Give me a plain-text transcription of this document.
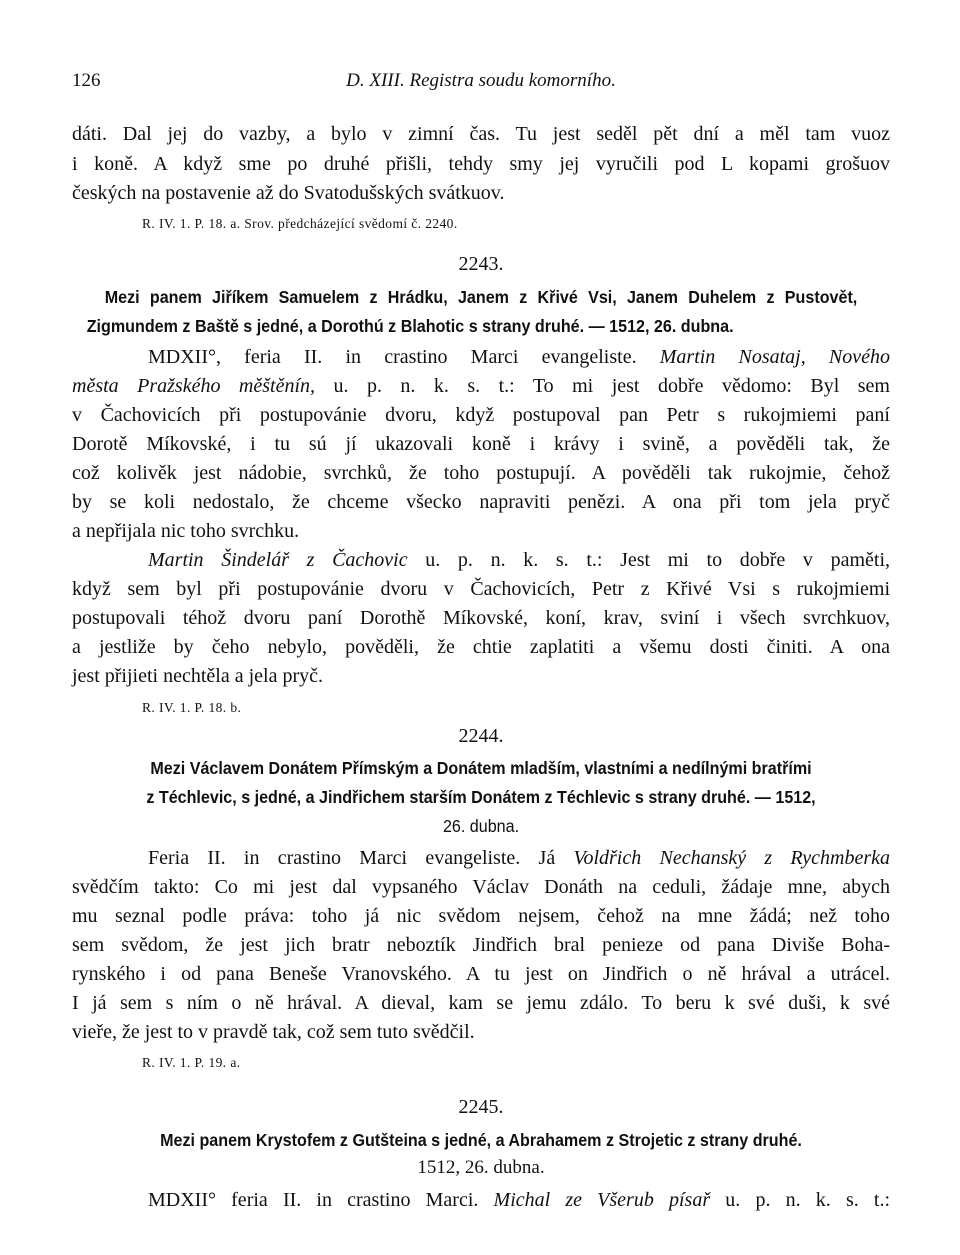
126	D. XIII. Registra soudu komorního.
dáti. Dal jej do vazby, a bylo v zimní čas. Tu jest seděl pět dní a měl tam vuoz
i koně. A když sme po druhé přišli, tehdy smy jej vyručili pod L kopami grošuov
českých na postavenie až do Svatodušských svátkuov.
R. IV. 1. P. 18. a. Srov. předcházející svědomí č. 2240.
2243.
Mezi panem Jiříkem Samuelem z Hrádku, Janem z Křivé Vsi, Janem Duhelem z Pustovět,
Zigmundem z Baště s jedné, a Dorothú z Blahotic s strany druhé. — 1512, 26. dubna.
MDXII°, feria II. in crastino Marci evangeliste. Martin Nosataj, Nového
města Pražského měštěnín, u. p. n. k. s. t.: To mi jest dobře vědomo: Byl sem
v Čachovicích při postupovánie dvoru, když postupoval pan Petr s rukojmiemi paní
Dorotě Míkovské, i tu sú jí ukazovali koně i krávy i svině, a pověděli tak, že
což kolivěk jest nádobie, svrchků, že toho postupují. A pověděli tak rukojmie, čehož
by se koli nedostalo, že chceme všecko napraviti penězi. A ona při tom jela pryč
a nepřijala nic toho svrchku.
Martin Šindelář z Čachovic u. p. n. k. s. t.: Jest mi to dobře v paměti,
když sem byl při postupovánie dvoru v Čachovicích, Petr z Křivé Vsi s rukojmiemi
postupovali téhož dvoru paní Dorothě Míkovské, koní, krav, sviní i všech svrchkuov,
a jestliže by čeho nebylo, pověděli, že chtie zaplatiti a všemu dosti činiti. A ona
jest přijieti nechtěla a jela pryč.
R. IV. 1. P. 18. b.
2244.
Mezi Václavem Donátem Přímským a Donátem mladším, vlastními a nedílnými bratřími
z Téchlevic, s jedné, a Jindřichem starším Donátem z Téchlevic s strany druhé. — 1512,
26. dubna.
Feria II. in crastino Marci evangeliste. Já Voldřich Nechanský z Rychmberka
svědčím takto: Co mi jest dal vypsaného Václav Donáth na ceduli, žádaje mne, abych
mu seznal podle práva: toho já nic svědom nejsem, čehož na mne žádá; než toho
sem svědom, že jest jich bratr neboztík Jindřich bral penieze od pana Diviše Boha-
rynského i od pana Beneše Vranovského. A tu jest on Jindřich o ně hrával a utrácel.
I já sem s ním o ně hrával. A dieval, kam se jemu zdálo. To beru k své duši, k své
vieře, že jest to v pravdě tak, což sem tuto svědčil.
R. IV. 1. P. 19. a.
2245.
Mezi panem Krystofem z Gutšteina s jedné, a Abrahamem z Strojetic z strany druhé.
1512, 26. dubna.
MDXII° feria II. in crastino Marci. Michal ze Všerub písař u. p. n. k. s. t.:
